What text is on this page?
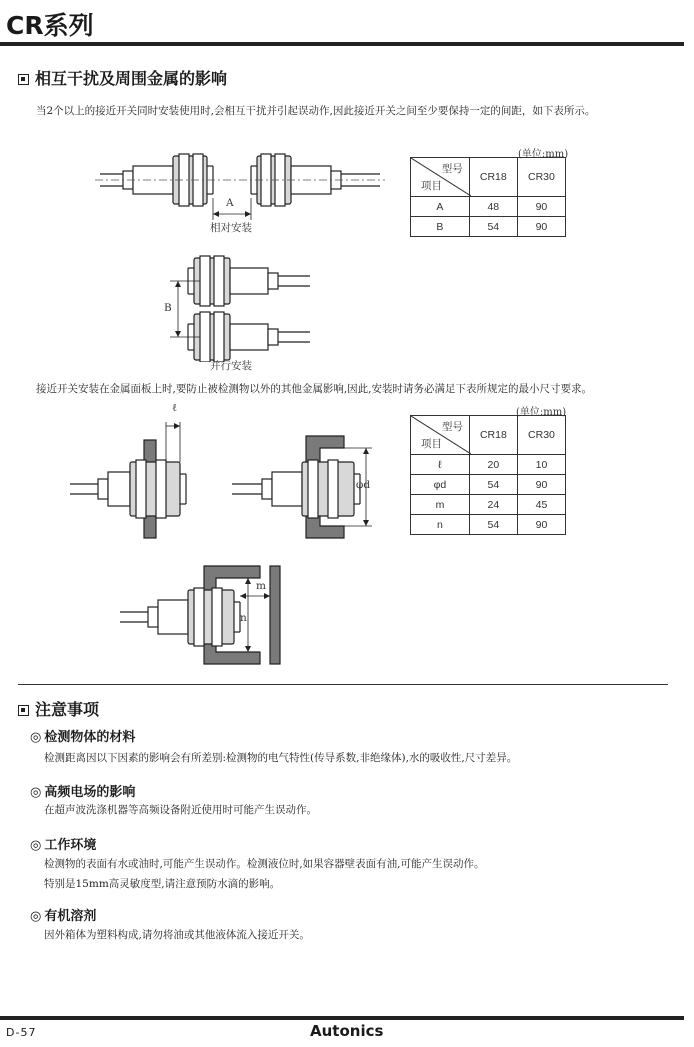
CR系列
相互干扰及周围金属的影响
当2个以上的接近开关同时安装使用时,会相互干扰并引起误动作,因此接近开关之间至少要保持一定的间距，如下表所示。
A
相对安装
B
并行安装
(单位:mm)
型号
项目	CR18	CR30
A	48	90
B	54	90
接近开关安装在金属面板上时,要防止被检测物以外的其他金属影响,因此,安装时请务必满足下表所规定的最小尺寸要求。
ℓ
φd
(单位:mm)
型号
项目	CR18	CR30
ℓ	20	10
φd	54	90
m	24	45
n	54	90
m
n
注意事项
◎ 检测物体的材料
检测距离因以下因素的影响会有所差别:检测物的电气特性(传导系数,非绝缘体),水的吸收性,尺寸差异。
◎ 高频电场的影响
在超声波洗涤机器等高频设备附近使用时可能产生误动作。
◎ 工作环境
检测物的表面有水或油时,可能产生误动作。检测液位时,如果容器壁表面有油,可能产生误动作。
特别是15mm高灵敏度型,请注意预防水滴的影响。
◎ 有机溶剂
因外箱体为塑料构成,请勿将油或其他液体流入接近开关。
D-57	Autonics
